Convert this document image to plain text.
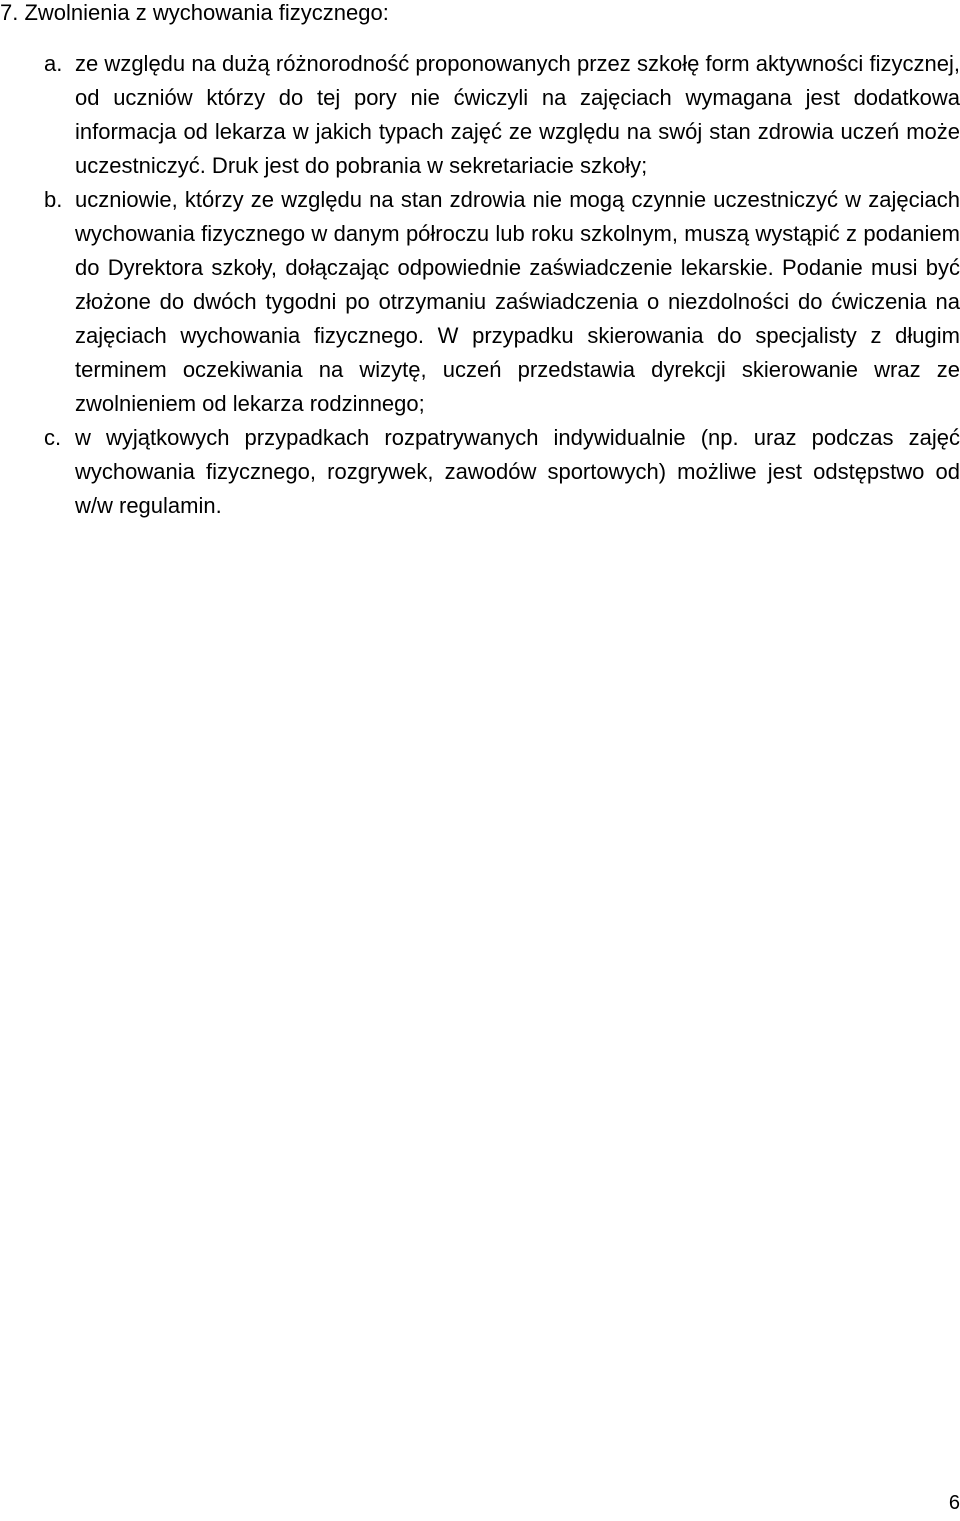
7. Zwolnienia z wychowania fizycznego:
a. ze względu na dużą różnorodność proponowanych przez szkołę form aktywności fizycznej, od uczniów którzy do tej pory nie ćwiczyli na zajęciach wymagana jest dodatkowa informacja od lekarza w jakich typach zajęć ze względu na swój stan zdrowia uczeń może uczestniczyć. Druk jest do pobrania w sekretariacie szkoły;

b. uczniowie, którzy ze względu na stan zdrowia nie mogą czynnie uczestniczyć w zajęciach wychowania fizycznego w danym półroczu lub roku szkolnym, muszą wystąpić z podaniem do Dyrektora szkoły, dołączając odpowiednie zaświadczenie lekarskie. Podanie musi być złożone do dwóch tygodni po otrzymaniu zaświadczenia o niezdolności do ćwiczenia na zajęciach wychowania fizycznego. W przypadku skierowania do specjalisty z długim terminem oczekiwania na wizytę, uczeń przedstawia dyrekcji skierowanie wraz ze zwolnieniem od lekarza rodzinnego;

c. w wyjątkowych przypadkach rozpatrywanych indywidualnie (np. uraz podczas zajęć wychowania fizycznego, rozgrywek, zawodów sportowych) możliwe jest odstępstwo od w/w regulamin.

6
